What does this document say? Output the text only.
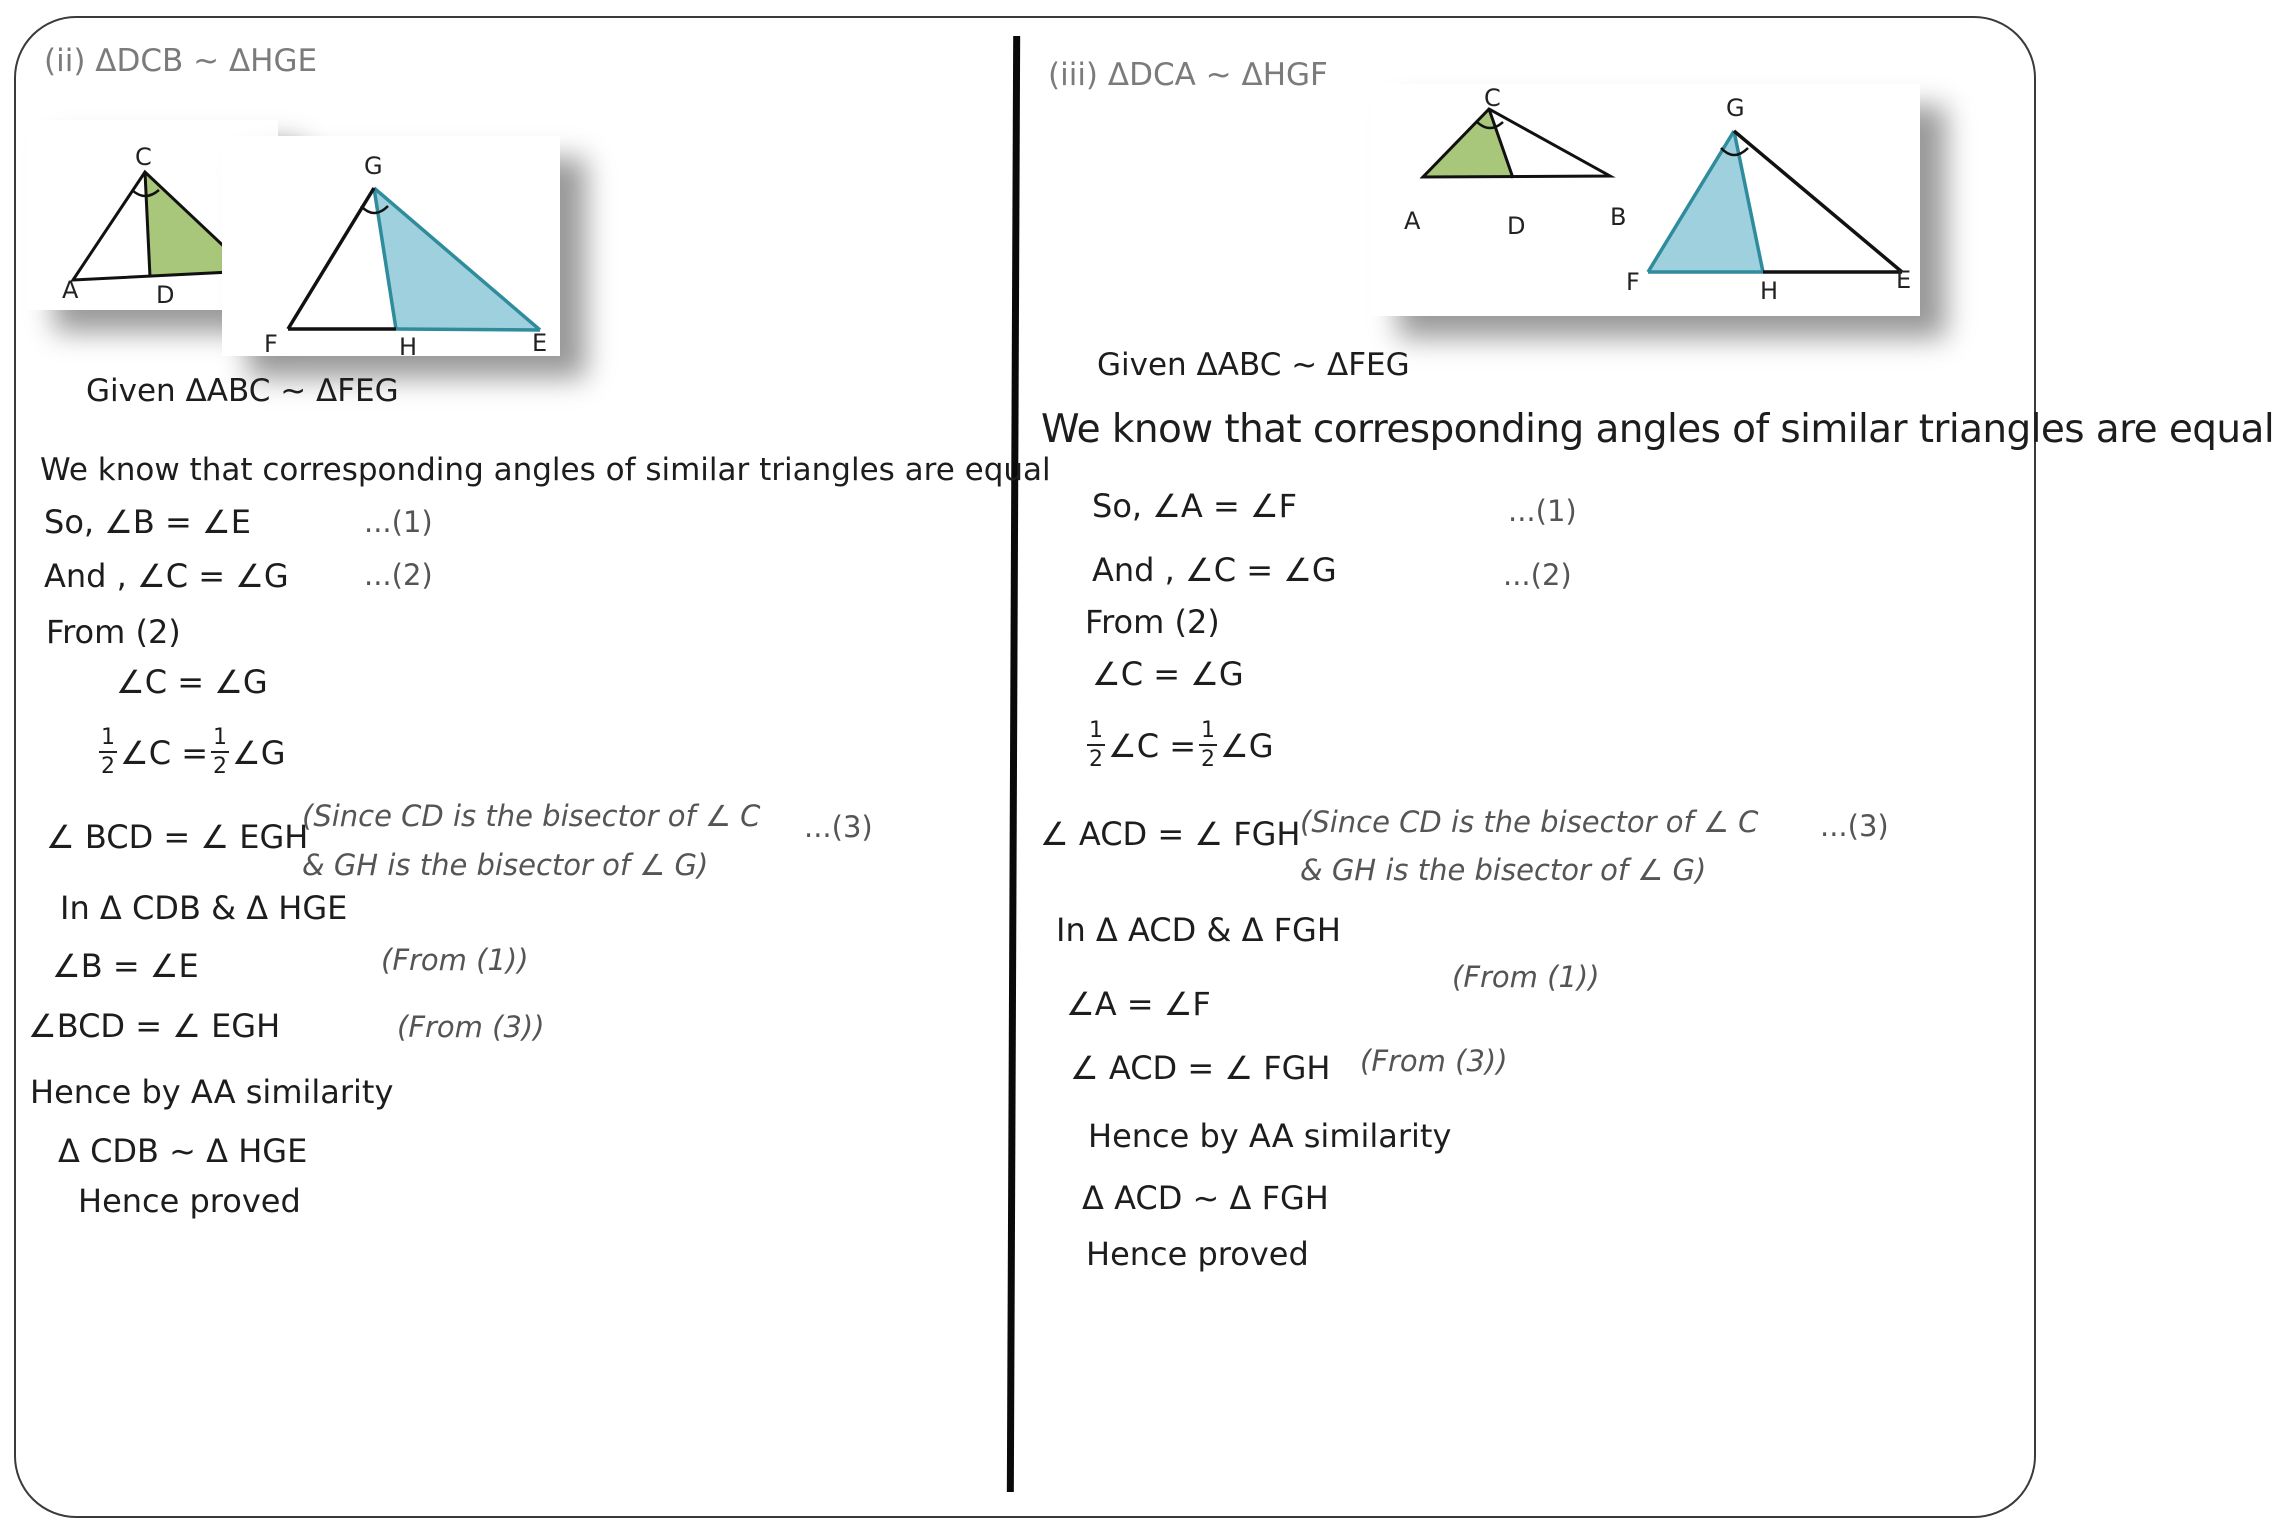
(ii) ΔDCB ~ ΔHGE
C
A	D
G
F	H	E
Given ΔABC ~ ΔFEG
We know that corresponding angles of similar triangles are equal
So, ∠B = ∠E	...(1)
And , ∠C = ∠G	...(2)
From (2)
∠C = ∠G
$\frac{1}{2}$ ∠C = $\frac{1}{2}$ ∠G
∠ BCD = ∠ EGH
(Since CD is the bisector of ∠ C
& GH is the bisector of ∠ G)
...(3)
In Δ CDB & Δ HGE
∠B = ∠E	(From (1))
∠BCD = ∠ EGH	(From (3))
Hence by AA similarity
Δ CDB ~ Δ HGE
Hence proved
(iii) ΔDCA ~ ΔHGF
C
A	D	B
G
F	H	E
Given ΔABC ~ ΔFEG
We know that corresponding angles of similar triangles are equal
So, ∠A = ∠F	...(1)
And , ∠C = ∠G	...(2)
From (2)
∠C = ∠G
$\frac{1}{2}$ ∠C = $\frac{1}{2}$ ∠G
∠ ACD = ∠ FGH (Since CD is the bisector of ∠ C
& GH is the bisector of ∠ G)
...(3)
In Δ ACD & Δ FGH
(From (1))
∠A = ∠F
∠ ACD = ∠ FGH (From (3))
Hence by AA similarity
Δ ACD ~ Δ FGH
Hence proved
